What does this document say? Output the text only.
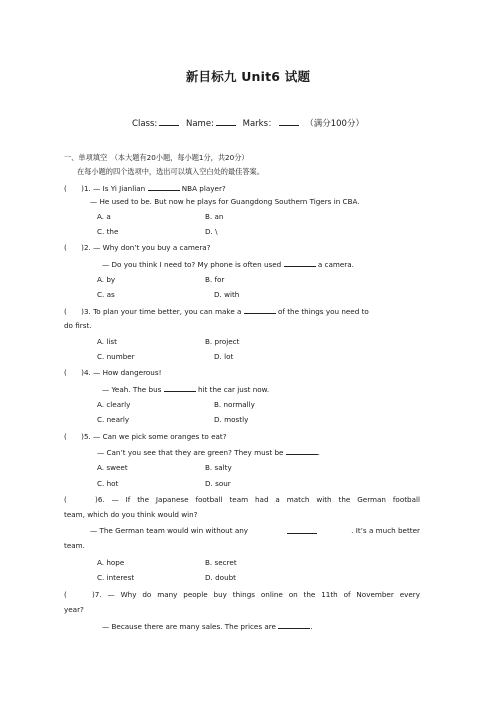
新目标九 Unit6 试题
Class:	Name:	Marks：	（满分100分）
一、单项填空　（本大题有20小题，每小题1分，共20分）
在每小题的四个选项中，选出可以填入空白处的最佳答案。
(　　)1. — Is Yi Jianlian	NBA player?
— He used to be. But now he plays for Guangdong Southern Tigers in CBA.
A. a	B. an
C. the	D. \
(　　)2. — Why don’t you buy a camera?
— Do you think I need to? My phone is often used	a camera.
A. by	B. for
C. as	D. with
(　　)3. To plan your time better, you can make a	of the things you need to
do first.
A. list	B. project
C. number	D. lot
(　　)4. — How dangerous!
— Yeah. The bus	hit the car just now.
A. clearly	B. normally
C. nearly	D. mostly
(　　)5. — Can we pick some oranges to eat?
— Can’t you see that they are green? They must be	.
A. sweet	B. salty
C. hot	D. sour
(　　)6. — If the Japanese football team had a match with the German football
team, which do you think would win?
— The German team would win without any	. It’s a much better
team.
A. hope	B. secret
C. interest	D. doubt
(　　)7. — Why do many people buy things online on the 11th of November every
year?
— Because there are many sales. The prices are	.
